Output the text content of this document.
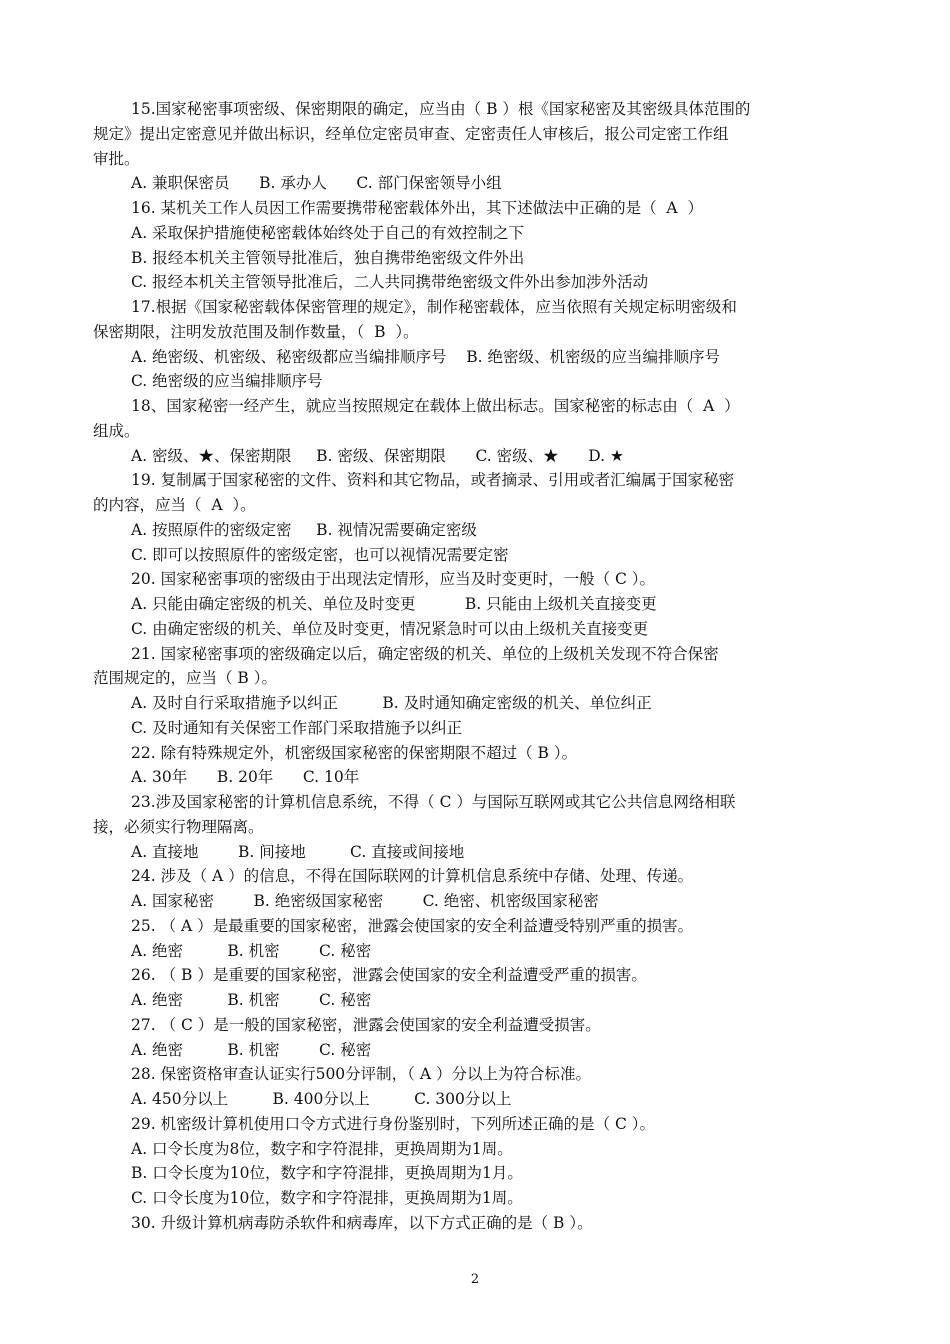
15.国家秘密事项密级、保密期限的确定，应当由（ B ）根《国家秘密及其密级具体范围的
规定》提出定密意见并做出标识，经单位定密员审查、定密责任人审核后，报公司定密工作组
审批。
A. 兼职保密员      B. 承办人      C. 部门保密领导小组
16. 某机关工作人员因工作需要携带秘密载体外出，其下述做法中正确的是（  A  ）
A. 采取保护措施使秘密载体始终处于自己的有效控制之下
B. 报经本机关主管领导批准后，独自携带绝密级文件外出
C. 报经本机关主管领导批准后，二人共同携带绝密级文件外出参加涉外活动
17.根据《国家秘密载体保密管理的规定》，制作秘密载体，应当依照有关规定标明密级和
保密期限，注明发放范围及制作数量，（  B  ）。
A. 绝密级、机密级、秘密级都应当编排顺序号    B. 绝密级、机密级的应当编排顺序号
C. 绝密级的应当编排顺序号
18、国家秘密一经产生，就应当按照规定在载体上做出标志。国家秘密的标志由（  A  ）
组成。
A. 密级、★、保密期限     B. 密级、保密期限      C. 密级、★      D. ★
19. 复制属于国家秘密的文件、资料和其它物品，或者摘录、引用或者汇编属于国家秘密
的内容，应当（  A  ）。
A. 按照原件的密级定密     B. 视情况需要确定密级
C. 即可以按照原件的密级定密，也可以视情况需要定密
20. 国家秘密事项的密级由于出现法定情形，应当及时变更时，一般（ C ）。
A. 只能由确定密级的机关、单位及时变更          B. 只能由上级机关直接变更
C. 由确定密级的机关、单位及时变更，情况紧急时可以由上级机关直接变更
21. 国家秘密事项的密级确定以后，确定密级的机关、单位的上级机关发现不符合保密
范围规定的，应当（ B ）。
A. 及时自行采取措施予以纠正         B. 及时通知确定密级的机关、单位纠正
C. 及时通知有关保密工作部门采取措施予以纠正
22. 除有特殊规定外，机密级国家秘密的保密期限不超过（ B ）。
A. 30年      B. 20年      C. 10年
23.涉及国家秘密的计算机信息系统，不得（ C ）与国际互联网或其它公共信息网络相联
接，必须实行物理隔离。
A. 直接地        B. 间接地         C. 直接或间接地
24. 涉及（ A ）的信息，不得在国际联网的计算机信息系统中存储、处理、传递。
A. 国家秘密        B. 绝密级国家秘密        C. 绝密、机密级国家秘密
25. （ A ）是最重要的国家秘密，泄露会使国家的安全利益遭受特别严重的损害。
A. 绝密         B. 机密        C. 秘密
26. （ B ）是重要的国家秘密，泄露会使国家的安全利益遭受严重的损害。
A. 绝密         B. 机密        C. 秘密
27. （ C ）是一般的国家秘密，泄露会使国家的安全利益遭受损害。
A. 绝密         B. 机密        C. 秘密
28. 保密资格审查认证实行500分评制，（ A ）分以上为符合标准。
A. 450分以上         B. 400分以上         C. 300分以上
29. 机密级计算机使用口令方式进行身份鉴别时，下列所述正确的是（ C ）。
A. 口令长度为8位，数字和字符混排，更换周期为1周。
B. 口令长度为10位，数字和字符混排，更换周期为1月。
C. 口令长度为10位，数字和字符混排，更换周期为1周。
30. 升级计算机病毒防杀软件和病毒库，以下方式正确的是（ B ）。
2
